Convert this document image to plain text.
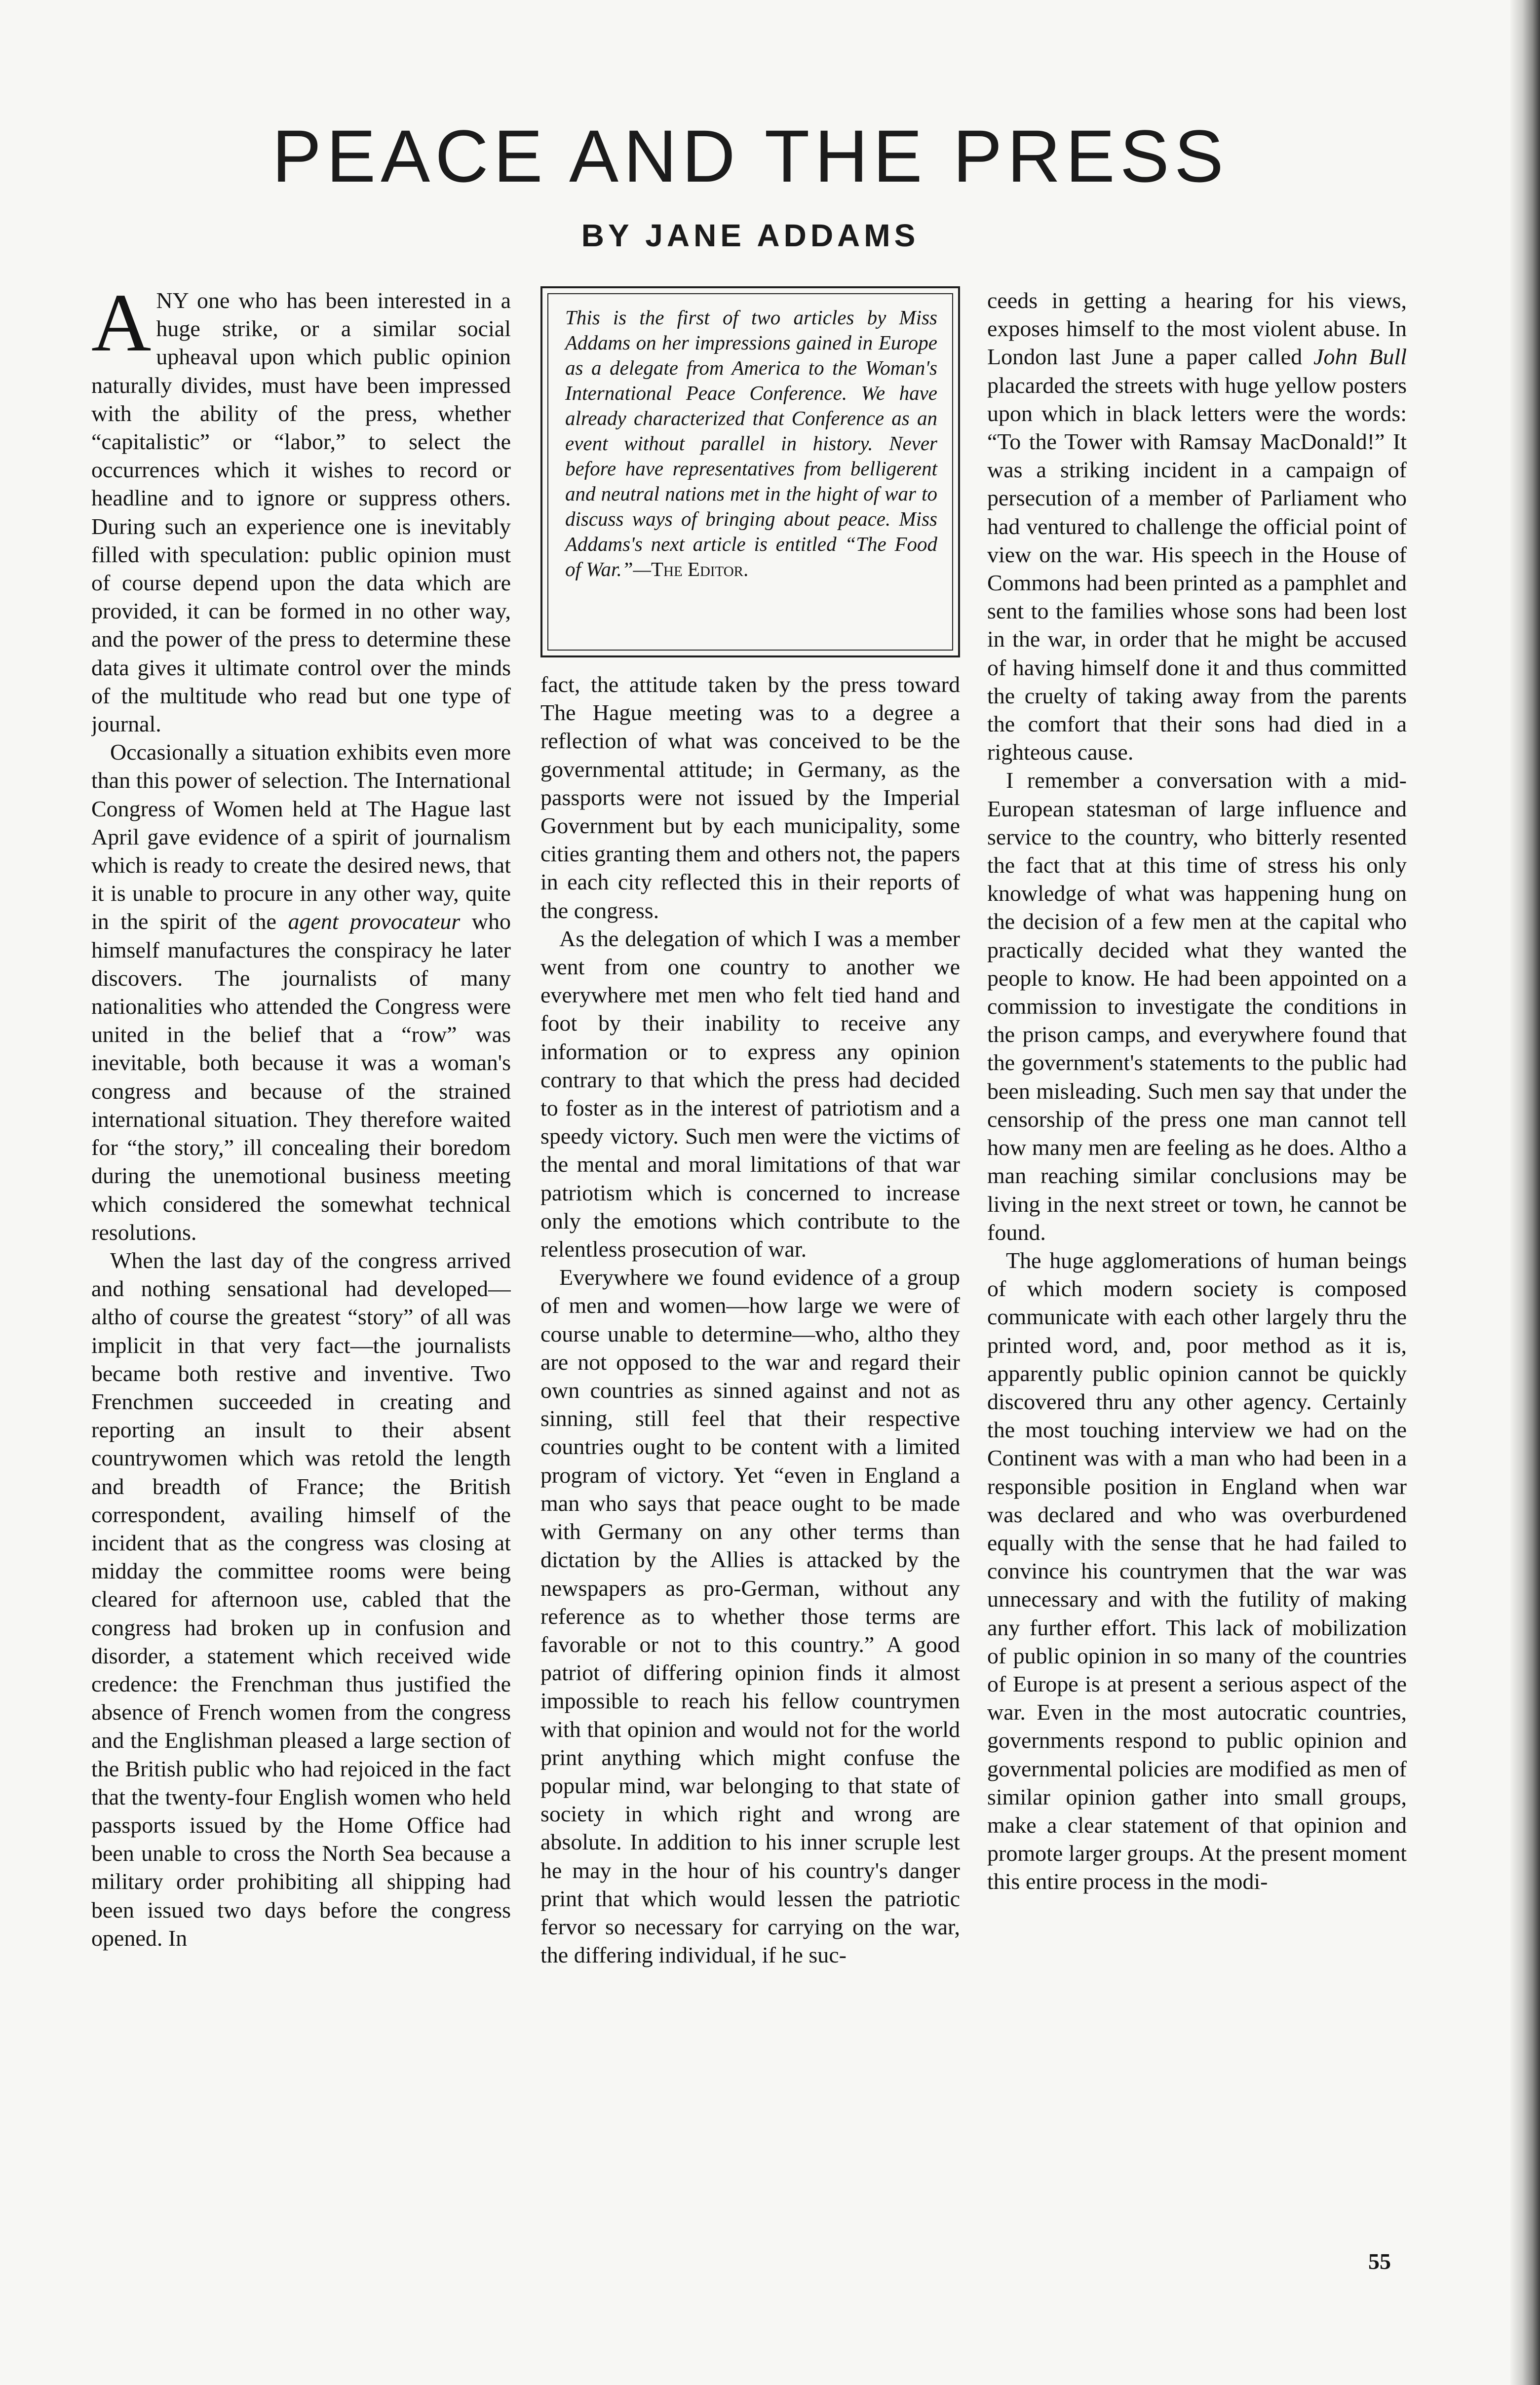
PEACE AND THE PRESS
BY JANE ADDAMS

ANY one who has been interested in a huge strike, or a similar social upheaval upon which public opinion naturally divides, must have been impressed with the ability of the press, whether “capitalistic” or “labor,” to select the occurrences which it wishes to record or headline and to ignore or suppress others. During such an experience one is inevitably filled with speculation: public opinion must of course depend upon the data which are provided, it can be formed in no other way, and the power of the press to determine these data gives it ultimate control over the minds of the multitude who read but one type of journal.

Occasionally a situation exhibits even more than this power of selection. The International Congress of Women held at The Hague last April gave evidence of a spirit of journalism which is ready to create the desired news, that it is unable to procure in any other way, quite in the spirit of the agent provocateur who himself manufactures the conspiracy he later discovers. The journalists of many nationalities who attended the Congress were united in the belief that a “row” was inevitable, both because it was a woman's congress and because of the strained international situation. They therefore waited for “the story,” ill concealing their boredom during the unemotional business meeting which considered the somewhat technical resolutions.

When the last day of the congress arrived and nothing sensational had developed—altho of course the greatest “story” of all was implicit in that very fact—the journalists became both restive and inventive. Two Frenchmen succeeded in creating and reporting an insult to their absent countrywomen which was retold the length and breadth of France; the British correspondent, availing himself of the incident that as the congress was closing at midday the committee rooms were being cleared for afternoon use, cabled that the congress had broken up in confusion and disorder, a statement which received wide credence: the Frenchman thus justified the absence of French women from the congress and the Englishman pleased a large section of the British public who had rejoiced in the fact that the twenty-four English women who held passports issued by the Home Office had been unable to cross the North Sea because a military order prohibiting all shipping had been issued two days before the congress opened. In

This is the first of two articles by Miss Addams on her impressions gained in Europe as a delegate from America to the Woman's International Peace Conference. We have already characterized that Conference as an event without parallel in history. Never before have representatives from belligerent and neutral nations met in the hight of war to discuss ways of bringing about peace. Miss Addams's next article is entitled “The Food of War.”—The Editor.

fact, the attitude taken by the press toward The Hague meeting was to a degree a reflection of what was conceived to be the governmental attitude; in Germany, as the passports were not issued by the Imperial Government but by each municipality, some cities granting them and others not, the papers in each city reflected this in their reports of the congress.

As the delegation of which I was a member went from one country to another we everywhere met men who felt tied hand and foot by their inability to receive any information or to express any opinion contrary to that which the press had decided to foster as in the interest of patriotism and a speedy victory. Such men were the victims of the mental and moral limitations of that war patriotism which is concerned to increase only the emotions which contribute to the relentless prosecution of war.

Everywhere we found evidence of a group of men and women—how large we were of course unable to determine—who, altho they are not opposed to the war and regard their own countries as sinned against and not as sinning, still feel that their respective countries ought to be content with a limited program of victory. Yet “even in England a man who says that peace ought to be made with Germany on any other terms than dictation by the Allies is attacked by the newspapers as pro-German, without any reference as to whether those terms are favorable or not to this country.” A good patriot of differing opinion finds it almost impossible to reach his fellow countrymen with that opinion and would not for the world print anything which might confuse the popular mind, war belonging to that state of society in which right and wrong are absolute. In addition to his inner scruple lest he may in the hour of his country's danger print that which would lessen the patriotic fervor so necessary for carrying on the war, the differing individual, if he suc-

ceeds in getting a hearing for his views, exposes himself to the most violent abuse. In London last June a paper called John Bull placarded the streets with huge yellow posters upon which in black letters were the words: “To the Tower with Ramsay MacDonald!” It was a striking incident in a campaign of persecution of a member of Parliament who had ventured to challenge the official point of view on the war. His speech in the House of Commons had been printed as a pamphlet and sent to the families whose sons had been lost in the war, in order that he might be accused of having himself done it and thus committed the cruelty of taking away from the parents the comfort that their sons had died in a righteous cause.

I remember a conversation with a mid-European statesman of large influence and service to the country, who bitterly resented the fact that at this time of stress his only knowledge of what was happening hung on the decision of a few men at the capital who practically decided what they wanted the people to know. He had been appointed on a commission to investigate the conditions in the prison camps, and everywhere found that the government's statements to the public had been misleading. Such men say that under the censorship of the press one man cannot tell how many men are feeling as he does. Altho a man reaching similar conclusions may be living in the next street or town, he cannot be found.

The huge agglomerations of human beings of which modern society is composed communicate with each other largely thru the printed word, and, poor method as it is, apparently public opinion cannot be quickly discovered thru any other agency. Certainly the most touching interview we had on the Continent was with a man who had been in a responsible position in England when war was declared and who was overburdened equally with the sense that he had failed to convince his countrymen that the war was unnecessary and with the futility of making any further effort. This lack of mobilization of public opinion in so many of the countries of Europe is at present a serious aspect of the war. Even in the most autocratic countries, governments respond to public opinion and governmental policies are modified as men of similar opinion gather into small groups, make a clear statement of that opinion and promote larger groups. At the present moment this entire process in the modi-

55
